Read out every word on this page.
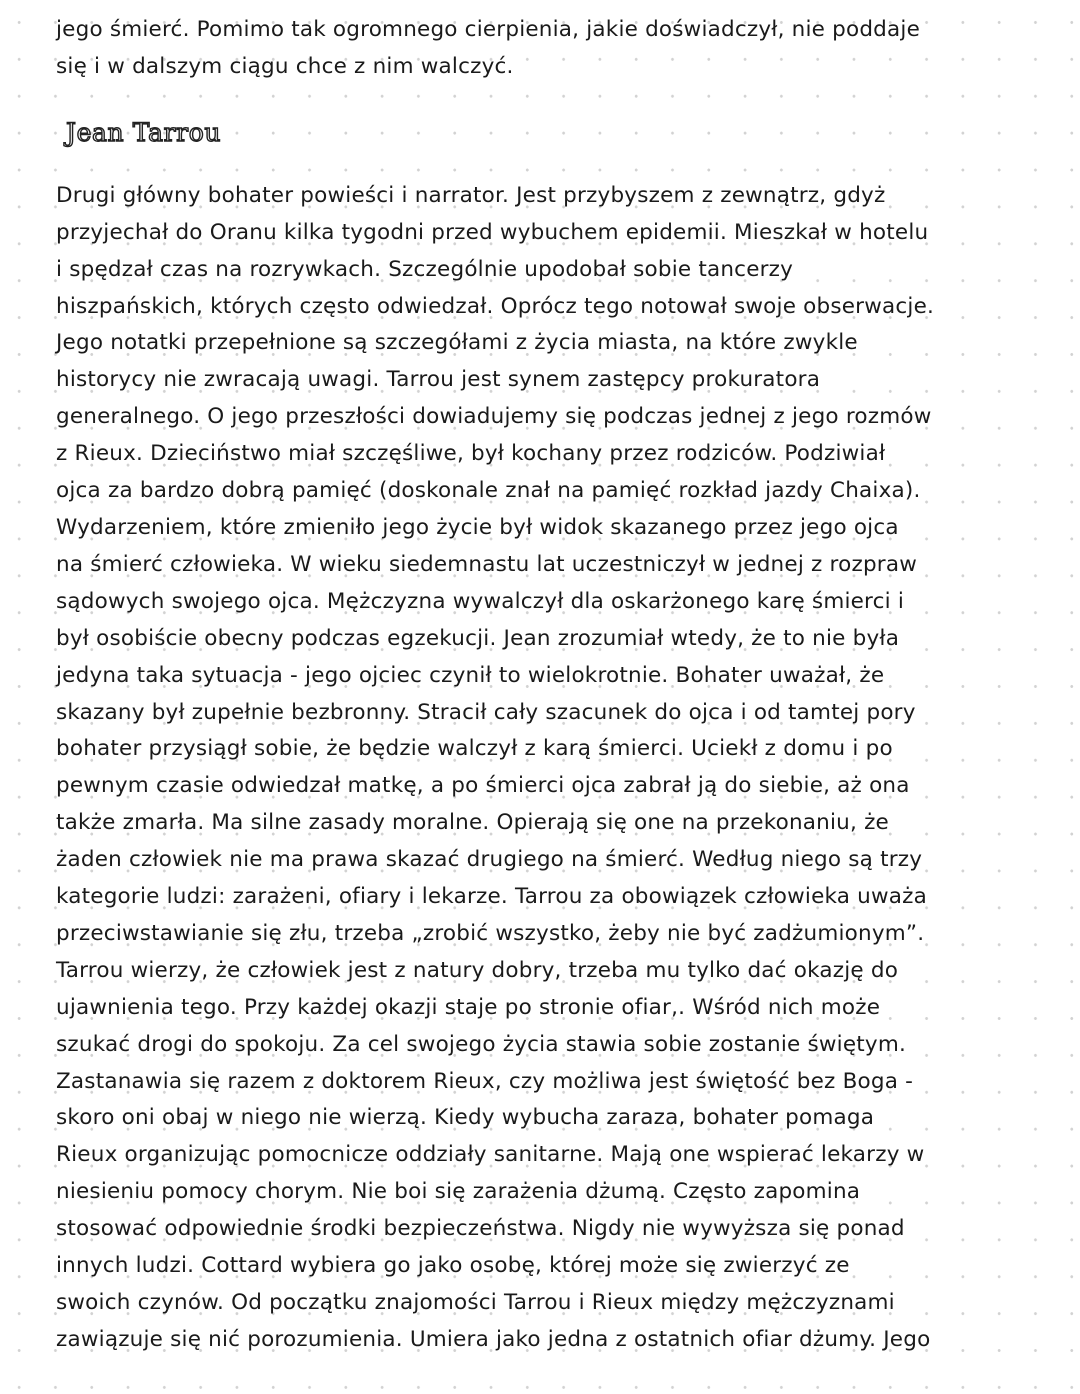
jego śmierć. Pomimo tak ogromnego cierpienia, jakie doświadczył, nie poddaje
się i w dalszym ciągu chce z nim walczyć.

Jean Tarrou

Drugi główny bohater powieści i narrator. Jest przybyszem z zewnątrz, gdyż
przyjechał do Oranu kilka tygodni przed wybuchem epidemii. Mieszkał w hotelu
i spędzał czas na rozrywkach. Szczególnie upodobał sobie tancerzy
hiszpańskich, których często odwiedzał. Oprócz tego notował swoje obserwacje.
Jego notatki przepełnione są szczegółami z życia miasta, na które zwykle
historycy nie zwracają uwagi. Tarrou jest synem zastępcy prokuratora
generalnego. O jego przeszłości dowiadujemy się podczas jednej z jego rozmów
z Rieux. Dzieciństwo miał szczęśliwe, był kochany przez rodziców. Podziwiał
ojca za bardzo dobrą pamięć (doskonale znał na pamięć rozkład jazdy Chaixa).
Wydarzeniem, które zmieniło jego życie był widok skazanego przez jego ojca
na śmierć człowieka. W wieku siedemnastu lat uczestniczył w jednej z rozpraw
sądowych swojego ojca. Mężczyzna wywalczył dla oskarżonego karę śmierci i
był osobiście obecny podczas egzekucji. Jean zrozumiał wtedy, że to nie była
jedyna taka sytuacja - jego ojciec czynił to wielokrotnie. Bohater uważał, że
skazany był zupełnie bezbronny. Stracił cały szacunek do ojca i od tamtej pory
bohater przysiągł sobie, że będzie walczył z karą śmierci. Uciekł z domu i po
pewnym czasie odwiedzał matkę, a po śmierci ojca zabrał ją do siebie, aż ona
także zmarła. Ma silne zasady moralne. Opierają się one na przekonaniu, że
żaden człowiek nie ma prawa skazać drugiego na śmierć. Według niego są trzy
kategorie ludzi: zarażeni, ofiary i lekarze. Tarrou za obowiązek człowieka uważa
przeciwstawianie się złu, trzeba „zrobić wszystko, żeby nie być zadżumionym”.
Tarrou wierzy, że człowiek jest z natury dobry, trzeba mu tylko dać okazję do
ujawnienia tego. Przy każdej okazji staje po stronie ofiar,. Wśród nich może
szukać drogi do spokoju. Za cel swojego życia stawia sobie zostanie świętym.
Zastanawia się razem z doktorem Rieux, czy możliwa jest świętość bez Boga -
skoro oni obaj w niego nie wierzą. Kiedy wybucha zaraza, bohater pomaga
Rieux organizując pomocnicze oddziały sanitarne. Mają one wspierać lekarzy w
niesieniu pomocy chorym. Nie boi się zarażenia dżumą. Często zapomina
stosować odpowiednie środki bezpieczeństwa. Nigdy nie wywyższa się ponad
innych ludzi. Cottard wybiera go jako osobę, której może się zwierzyć ze
swoich czynów. Od początku znajomości Tarrou i Rieux między mężczyznami
zawiązuje się nić porozumienia. Umiera jako jedna z ostatnich ofiar dżumy. Jego
